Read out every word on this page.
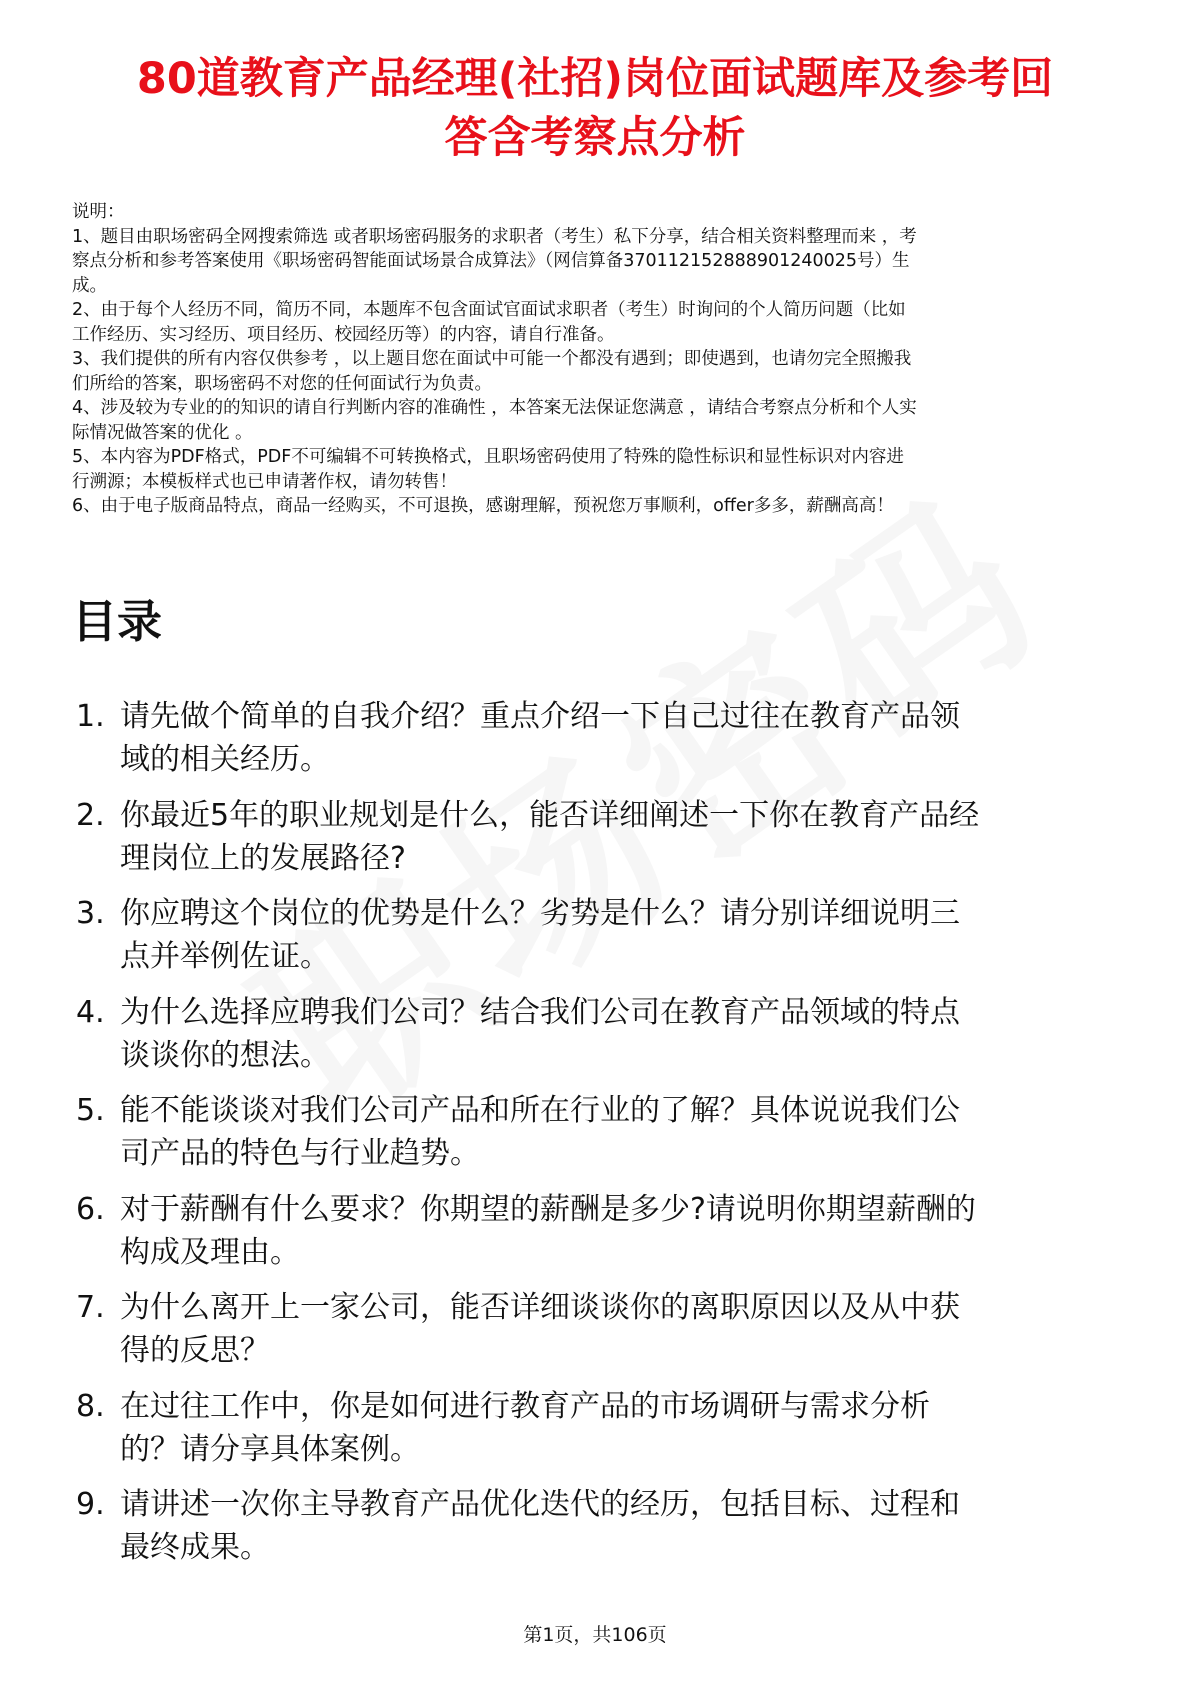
80道教育产品经理(社招)岗位面试题库及参考回
答含考察点分析
说明：
1、题目由职场密码全网搜索筛选 或者职场密码服务的求职者（考生）私下分享，结合相关资料整理而来 ，考
察点分析和参考答案使用《职场密码智能面试场景合成算法》（网信算备370112152888901240025号）生
成。
2、由于每个人经历不同，简历不同，本题库不包含面试官面试求职者（考生）时询问的个人简历问题（比如
工作经历、实习经历、项目经历、校园经历等）的内容，请自行准备。
3、我们提供的所有内容仅供参考 ，以上题目您在面试中可能一个都没有遇到；即使遇到，也请勿完全照搬我
们所给的答案，职场密码不对您的任何面试行为负责。
4、涉及较为专业的的知识的请自行判断内容的准确性 ，本答案无法保证您满意 ，请结合考察点分析和个人实
际情况做答案的优化 。
5、本内容为PDF格式，PDF不可编辑不可转换格式，且职场密码使用了特殊的隐性标识和显性标识对内容进
行溯源；本模板样式也已申请著作权，请勿转售！
6、由于电子版商品特点，商品一经购买，不可退换，感谢理解，预祝您万事顺利，offer多多，薪酬高高！
目录
1. 请先做个简单的自我介绍？重点介绍一下自己过往在教育产品领
域的相关经历。
2. 你最近5年的职业规划是什么，能否详细阐述一下你在教育产品经
理岗位上的发展路径?
3. 你应聘这个岗位的优势是什么？劣势是什么？请分别详细说明三
点并举例佐证。
4. 为什么选择应聘我们公司？结合我们公司在教育产品领域的特点
谈谈你的想法。
5. 能不能谈谈对我们公司产品和所在行业的了解？具体说说我们公
司产品的特色与行业趋势。
6. 对于薪酬有什么要求？你期望的薪酬是多少?请说明你期望薪酬的
构成及理由。
7. 为什么离开上一家公司，能否详细谈谈你的离职原因以及从中获
得的反思？
8. 在过往工作中，你是如何进行教育产品的市场调研与需求分析
的？请分享具体案例。
9. 请讲述一次你主导教育产品优化迭代的经历，包括目标、过程和
最终成果。
第1页，共106页
